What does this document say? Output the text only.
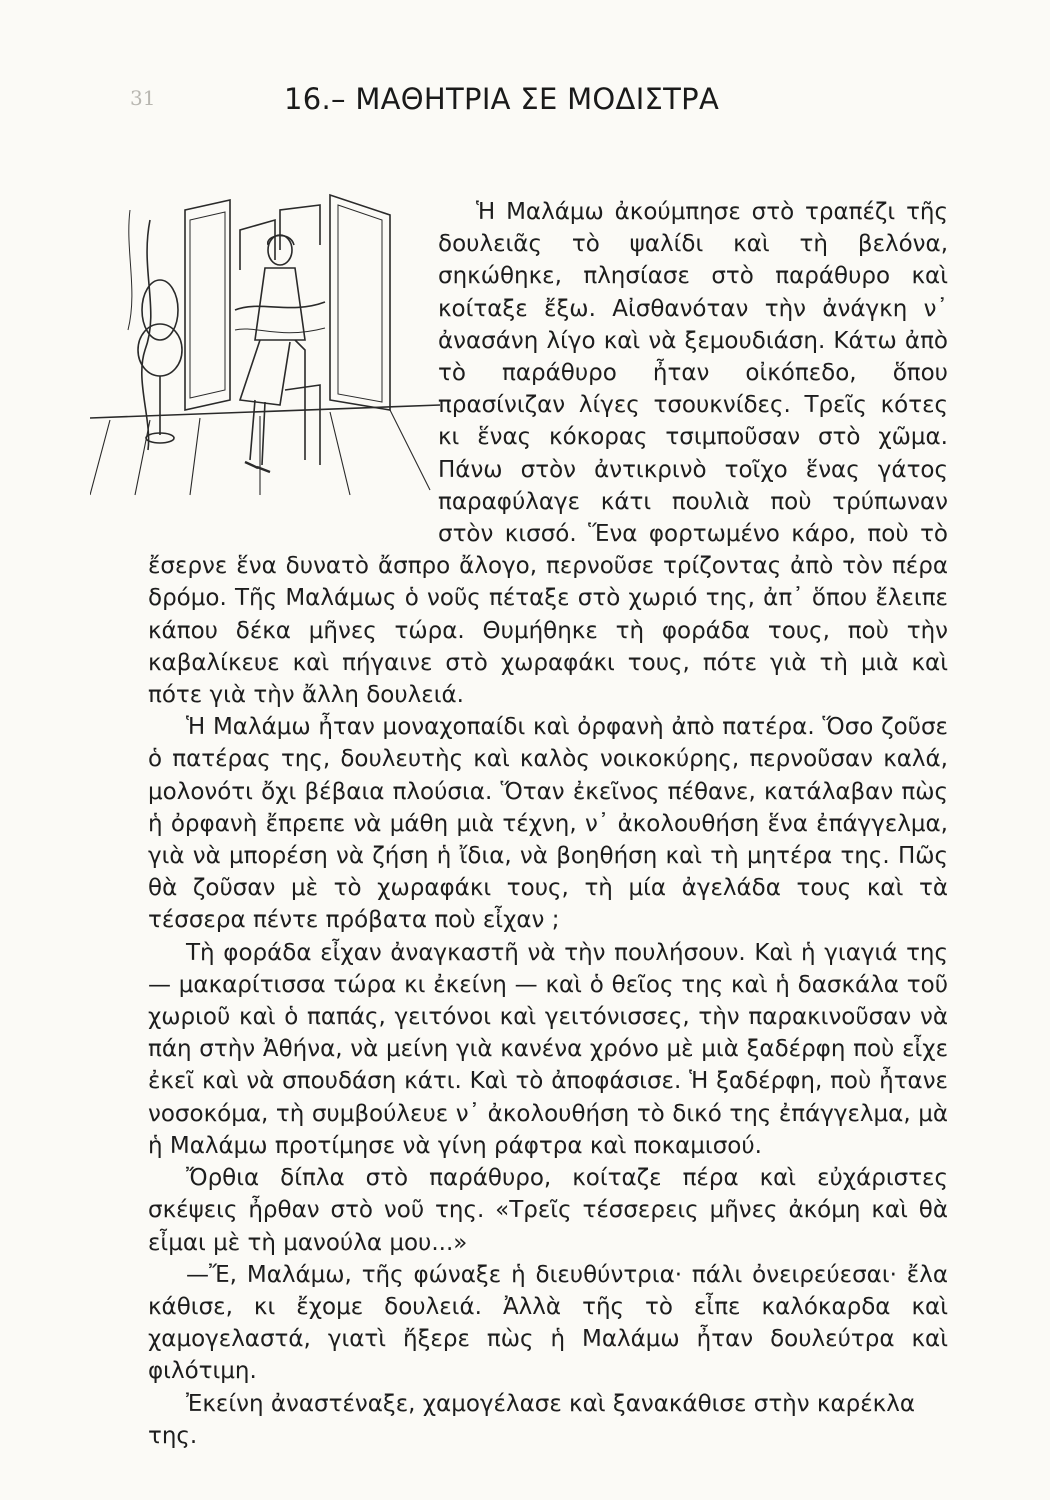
31	16.– ΜΑΘΗΤΡΙΑ ΣΕ ΜΟΔΙΣΤΡΑ

Ἡ Μαλάμω ἀκούμπησε στὸ τραπέζι τῆς δουλειᾶς τὸ ψαλίδι καὶ τὴ βελόνα, σηκώθηκε, πλησίασε στὸ παράθυρο καὶ κοίταξε ἔξω. Αἰσθανόταν τὴν ἀνάγκη ν᾽ ἀνασάνη λίγο καὶ νὰ ξεμουδιάση. Κάτω ἀπὸ τὸ παράθυρο ἦταν οἰκόπεδο, ὅπου πρασίνιζαν λίγες τσουκνίδες. Τρεῖς κότες κι ἕνας κόκορας τσιμποῦσαν στὸ χῶμα. Πάνω στὸν ἀντικρινὸ τοῖχο ἕνας γάτος παραφύλαγε κάτι πουλιὰ ποὺ τρύπωναν στὸν κισσό. Ἕνα φορτωμένο κάρο, ποὺ τὸ ἔσερνε ἕνα δυνατὸ ἄσπρο ἄλογο, περνοῦσε τρίζοντας ἀπὸ τὸν πέρα δρόμο. Τῆς Μαλάμως ὁ νοῦς πέταξε στὸ χωριό της, ἀπ᾽ ὅπου ἔλειπε κάπου δέκα μῆνες τώρα. Θυμήθηκε τὴ φοράδα τους, ποὺ τὴν καβαλίκευε καὶ πήγαινε στὸ χωραφάκι τους, πότε γιὰ τὴ μιὰ καὶ πότε γιὰ τὴν ἄλλη δουλειά.

Ἡ Μαλάμω ἦταν μοναχοπαίδι καὶ ὀρφανὴ ἀπὸ πατέρα. Ὅσο ζοῦσε ὁ πατέρας της, δουλευτὴς καὶ καλὸς νοικοκύρης, περνοῦσαν καλά, μολονότι ὄχι βέβαια πλούσια. Ὅταν ἐκεῖνος πέθανε, κατάλαβαν πὼς ἡ ὀρφανὴ ἔπρεπε νὰ μάθη μιὰ τέχνη, ν᾽ ἀκολουθήση ἕνα ἐπάγγελμα, γιὰ νὰ μπορέση νὰ ζήση ἡ ἴδια, νὰ βοηθήση καὶ τὴ μητέρα της. Πῶς θὰ ζοῦσαν μὲ τὸ χωραφάκι τους, τὴ μία ἀγελάδα τους καὶ τὰ τέσσερα πέντε πρόβατα ποὺ εἶχαν ;

Τὴ φοράδα εἶχαν ἀναγκαστῆ νὰ τὴν πουλήσουν. Καὶ ἡ γιαγιά της — μακαρίτισσα τώρα κι ἐκείνη — καὶ ὁ θεῖος της καὶ ἡ δασκάλα τοῦ χωριοῦ καὶ ὁ παπάς, γειτόνοι καὶ γειτόνισσες, τὴν παρακινοῦσαν νὰ πάη στὴν Ἀθήνα, νὰ μείνη γιὰ κανένα χρόνο μὲ μιὰ ξαδέρφη ποὺ εἶχε ἐκεῖ καὶ νὰ σπουδάση κάτι. Καὶ τὸ ἀποφάσισε. Ἡ ξαδέρφη, ποὺ ἦτανε νοσοκόμα, τὴ συμβούλευε ν᾽ ἀκολουθήση τὸ δικό της ἐπάγγελμα, μὰ ἡ Μαλάμω προτίμησε νὰ γίνη ράφτρα καὶ ποκαμισού.

Ὄρθια δίπλα στὸ παράθυρο, κοίταζε πέρα καὶ εὐχάριστες σκέψεις ἦρθαν στὸ νοῦ της. «Τρεῖς τέσσερεις μῆνες ἀκόμη καὶ θὰ εἶμαι μὲ τὴ μανούλα μου...»

—Ἔ, Μαλάμω, τῆς φώναξε ἡ διευθύντρια· πάλι ὀνειρεύεσαι· ἔλα κάθισε, κι ἔχομε δουλειά. Ἀλλὰ τῆς τὸ εἶπε καλόκαρδα καὶ χαμογελαστά, γιατὶ ἤξερε πὼς ἡ Μαλάμω ἦταν δουλεύτρα καὶ φιλότιμη.

Ἐκείνη ἀναστέναξε, χαμογέλασε καὶ ξανακάθισε στὴν καρέκλα της.
